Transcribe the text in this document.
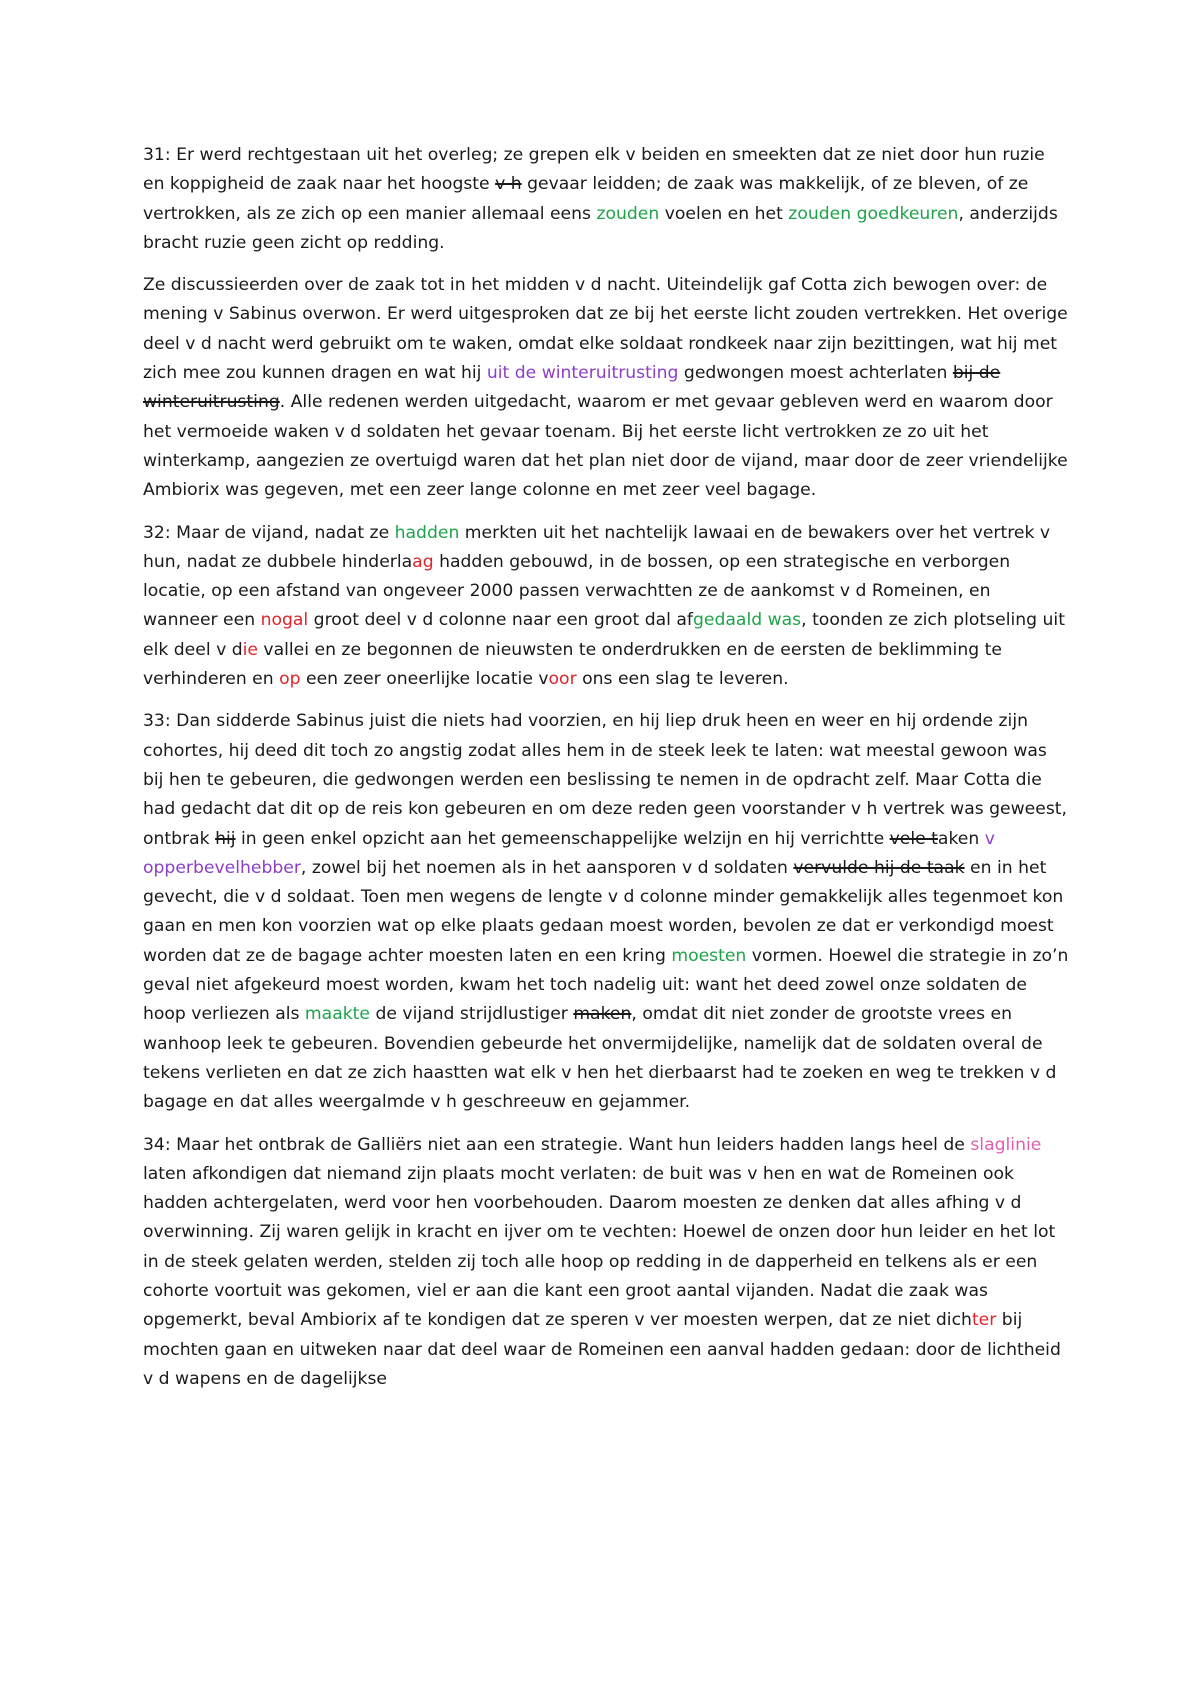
31: Er werd rechtgestaan uit het overleg; ze grepen elk v beiden en smeekten dat ze niet door hun ruzie en koppigheid de zaak naar het hoogste v h gevaar leidden; de zaak was makkelijk, of ze bleven, of ze vertrokken, als ze zich op een manier allemaal eens zouden voelen en het zouden goedkeuren, anderzijds bracht ruzie geen zicht op redding.

Ze discussieerden over de zaak tot in het midden v d nacht. Uiteindelijk gaf Cotta zich bewogen over: de mening v Sabinus overwon. Er werd uitgesproken dat ze bij het eerste licht zouden vertrekken. Het overige deel v d nacht werd gebruikt om te waken, omdat elke soldaat rondkeek naar zijn bezittingen, wat hij met zich mee zou kunnen dragen en wat hij uit de winteruitrusting gedwongen moest achterlaten bij de winteruitrusting. Alle redenen werden uitgedacht, waarom er met gevaar gebleven werd en waarom door het vermoeide waken v d soldaten het gevaar toenam. Bij het eerste licht vertrokken ze zo uit het winterkamp, aangezien ze overtuigd waren dat het plan niet door de vijand, maar door de zeer vriendelijke Ambiorix was gegeven, met een zeer lange colonne en met zeer veel bagage.

32: Maar de vijand, nadat ze hadden merkten uit het nachtelijk lawaai en de bewakers over het vertrek v hun, nadat ze dubbele hinderlaag hadden gebouwd, in de bossen, op een strategische en verborgen locatie, op een afstand van ongeveer 2000 passen verwachtten ze de aankomst v d Romeinen, en wanneer een nogal groot deel v d colonne naar een groot dal afgedaald was, toonden ze zich plotseling uit elk deel v die vallei en ze begonnen de nieuwsten te onderdrukken en de eersten de beklimming te verhinderen en op een zeer oneerlijke locatie voor ons een slag te leveren.

33: Dan sidderde Sabinus juist die niets had voorzien, en hij liep druk heen en weer en hij ordende zijn cohortes, hij deed dit toch zo angstig zodat alles hem in de steek leek te laten: wat meestal gewoon was bij hen te gebeuren, die gedwongen werden een beslissing te nemen in de opdracht zelf. Maar Cotta die had gedacht dat dit op de reis kon gebeuren en om deze reden geen voorstander v h vertrek was geweest, ontbrak hij in geen enkel opzicht aan het gemeenschappelijke welzijn en hij verrichtte vele taken v opperbevelhebber, zowel bij het noemen als in het aansporen v d soldaten vervulde hij de taak en in het gevecht, die v d soldaat. Toen men wegens de lengte v d colonne minder gemakkelijk alles tegenmoet kon gaan en men kon voorzien wat op elke plaats gedaan moest worden, bevolen ze dat er verkondigd moest worden dat ze de bagage achter moesten laten en een kring moesten vormen. Hoewel die strategie in zo’n geval niet afgekeurd moest worden, kwam het toch nadelig uit: want het deed zowel onze soldaten de hoop verliezen als maakte de vijand strijdlustiger maken, omdat dit niet zonder de grootste vrees en wanhoop leek te gebeuren. Bovendien gebeurde het onvermijdelijke, namelijk dat de soldaten overal de tekens verlieten en dat ze zich haastten wat elk v hen het dierbaarst had te zoeken en weg te trekken v d bagage en dat alles weergalmde v h geschreeuw en gejammer.

34: Maar het ontbrak de Galliërs niet aan een strategie. Want hun leiders hadden langs heel de slaglinie laten afkondigen dat niemand zijn plaats mocht verlaten: de buit was v hen en wat de Romeinen ook hadden achtergelaten, werd voor hen voorbehouden. Daarom moesten ze denken dat alles afhing v d overwinning. Zij waren gelijk in kracht en ijver om te vechten: Hoewel de onzen door hun leider en het lot in de steek gelaten werden, stelden zij toch alle hoop op redding in de dapperheid en telkens als er een cohorte voortuit was gekomen, viel er aan die kant een groot aantal vijanden. Nadat die zaak was opgemerkt, beval Ambiorix af te kondigen dat ze speren v ver moesten werpen, dat ze niet dichter bij mochten gaan en uitweken naar dat deel waar de Romeinen een aanval hadden gedaan: door de lichtheid v d wapens en de dagelijkse
